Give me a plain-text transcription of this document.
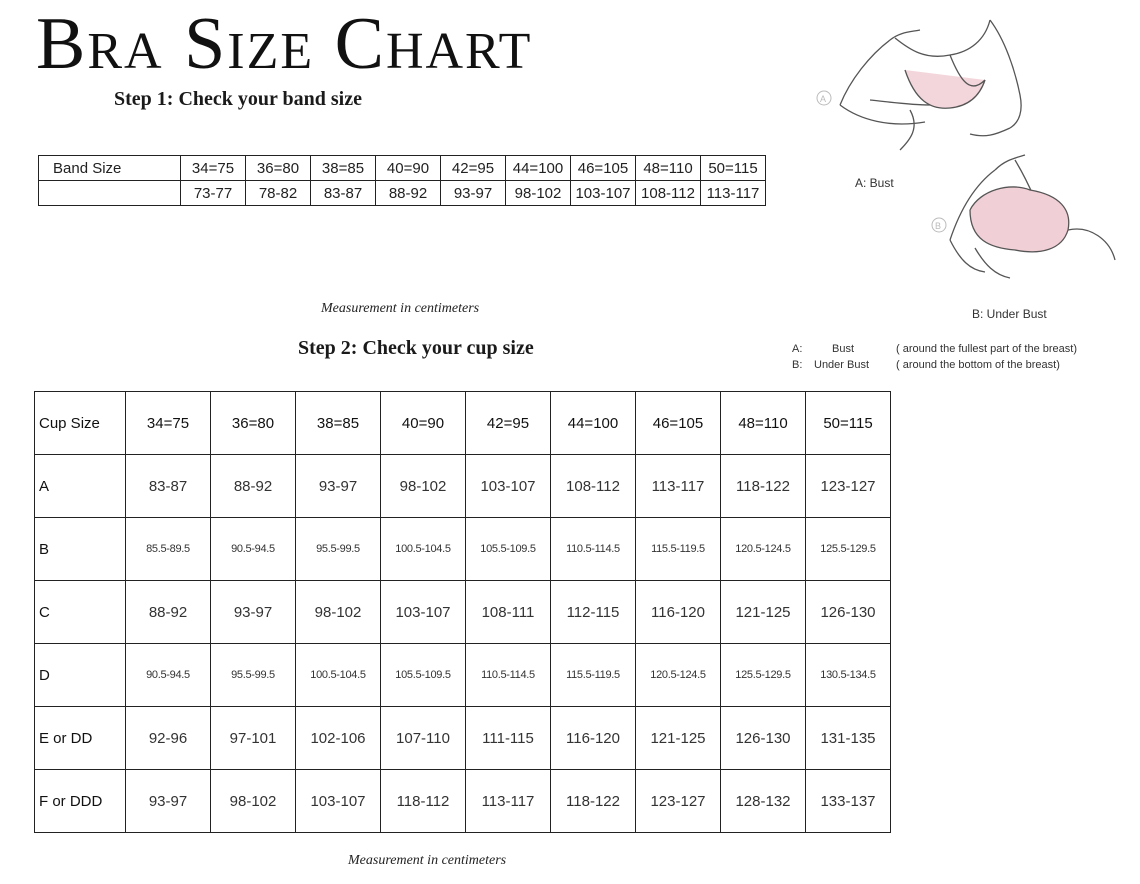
Bra Size Chart
Step 1: Check your band size
Band Size	34=75	36=80	38=85	40=90	42=95	44=100	46=105	48=110	50=115
	73-77	78-82	83-87	88-92	93-97	98-102	103-107	108-112	113-117
Measurement in centimeters
Step 2: Check your cup size
Cup Size	34=75	36=80	38=85	40=90	42=95	44=100	46=105	48=110	50=115
A	83-87	88-92	93-97	98-102	103-107	108-112	113-117	118-122	123-127
B	85.5-89.5	90.5-94.5	95.5-99.5	100.5-104.5	105.5-109.5	110.5-114.5	115.5-119.5	120.5-124.5	125.5-129.5
C	88-92	93-97	98-102	103-107	108-111	112-115	116-120	121-125	126-130
D	90.5-94.5	95.5-99.5	100.5-104.5	105.5-109.5	110.5-114.5	115.5-119.5	120.5-124.5	125.5-129.5	130.5-134.5
E or DD	92-96	97-101	102-106	107-110	111-115	116-120	121-125	126-130	131-135
F or DDD	93-97	98-102	103-107	118-112	113-117	118-122	123-127	128-132	133-137
Measurement in centimeters
A
B
A: Bust
B: Under Bust
A:	Bust	( around the fullest part of the breast)
B: Under Bust ( around the bottom of the breast)
